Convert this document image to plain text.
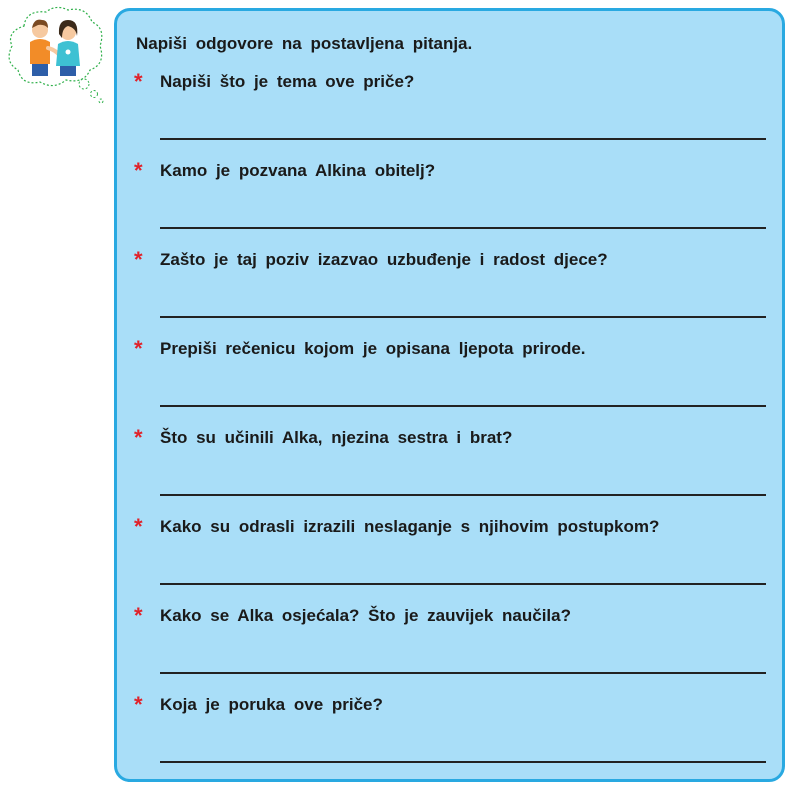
Napiši odgovore na postavljena pitanja.
* Napiši što je tema ove priče?
* Kamo je pozvana Alkina obitelj?
* Zašto je taj poziv izazvao uzbuđenje i radost djece?
* Prepiši rečenicu kojom je opisana ljepota prirode.
* Što su učinili Alka, njezina sestra i brat?
* Kako su odrasli izrazili neslaganje s njihovim postupkom?
* Kako se Alka osjećala? Što je zauvijek naučila?
* Koja je poruka ove priče?
